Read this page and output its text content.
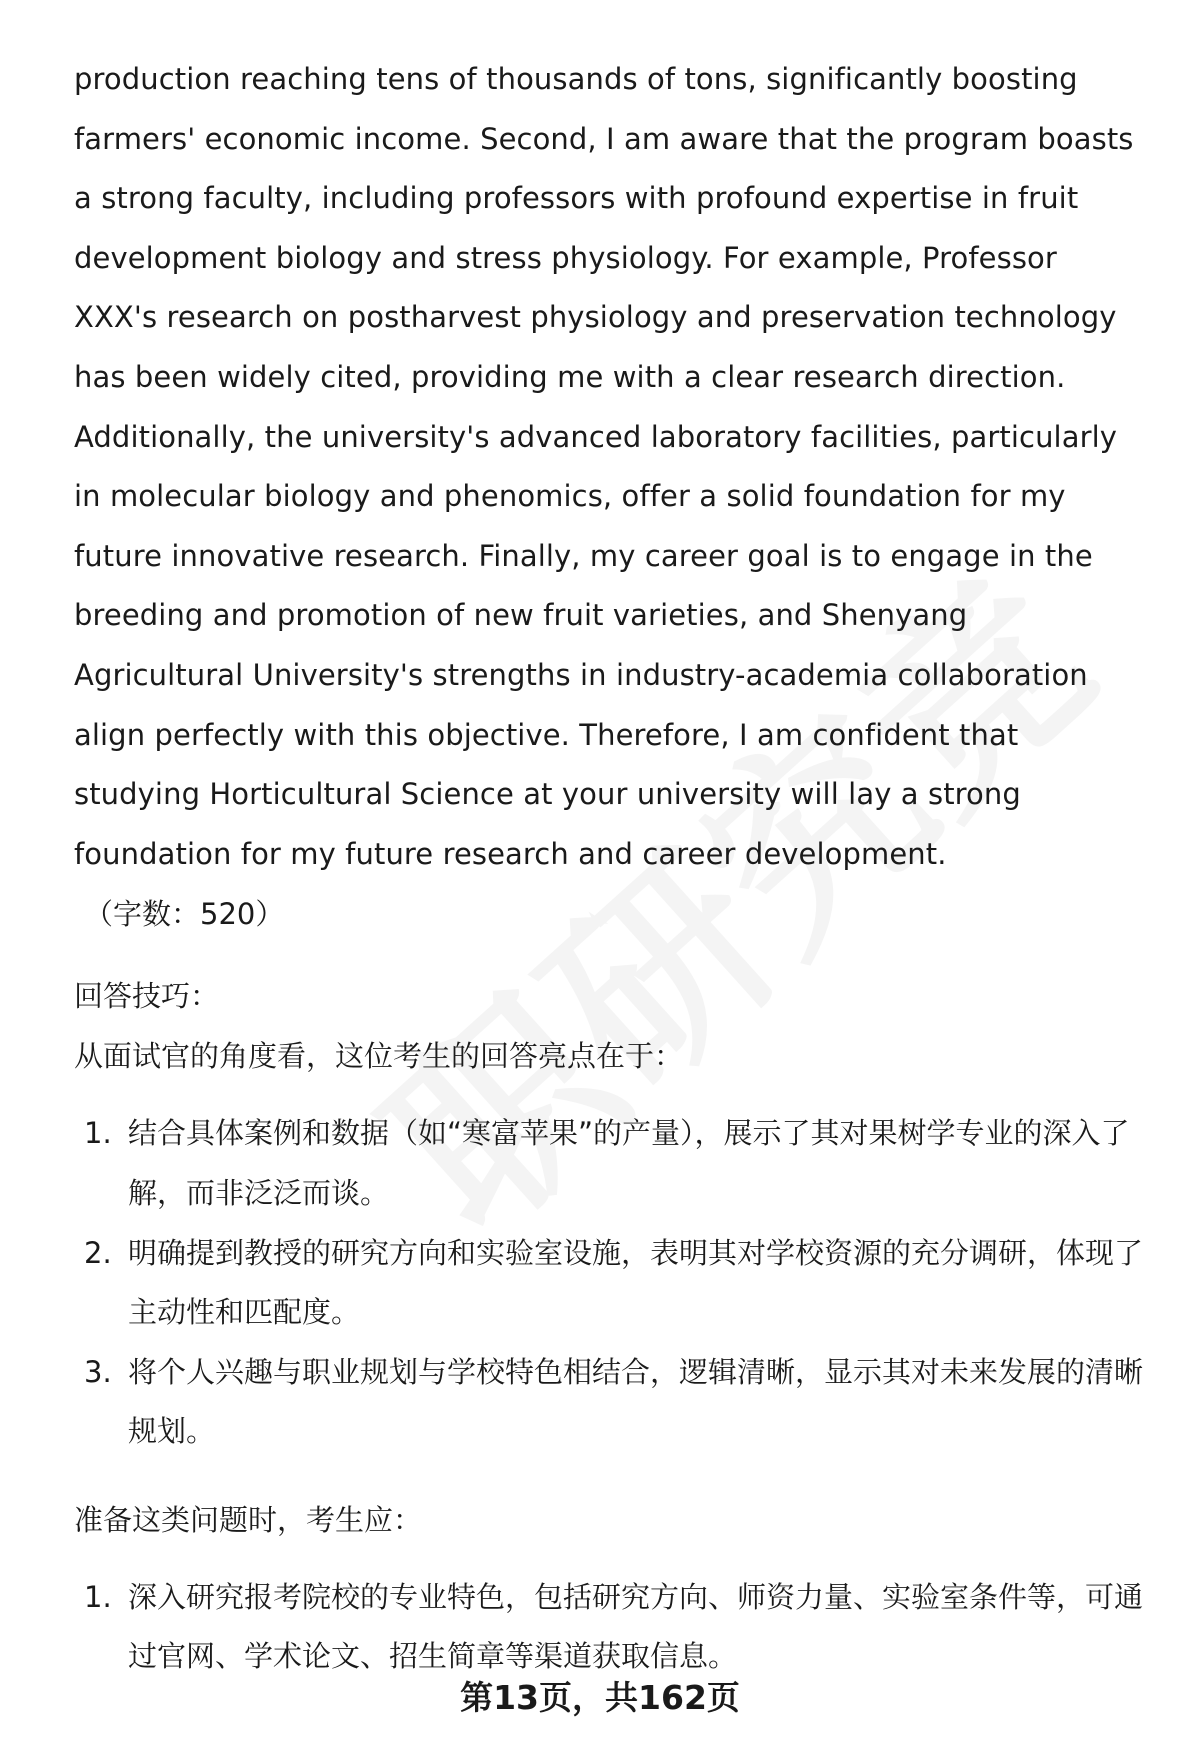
production reaching tens of thousands of tons, significantly boosting farmers' economic income. Second, I am aware that the program boasts a strong faculty, including professors with profound expertise in fruit development biology and stress physiology. For example, Professor XXX's research on postharvest physiology and preservation technology has been widely cited, providing me with a clear research direction. Additionally, the university's advanced laboratory facilities, particularly in molecular biology and phenomics, offer a solid foundation for my future innovative research. Finally, my career goal is to engage in the breeding and promotion of new fruit varieties, and Shenyang Agricultural University's strengths in industry-academia collaboration align perfectly with this objective. Therefore, I am confident that studying Horticultural Science at your university will lay a strong foundation for my future research and career development.

（字数：520）

回答技巧：

从面试官的角度看，这位考生的回答亮点在于：

1. 结合具体案例和数据（如“寒富苹果”的产量），展示了其对果树学专业的深入了解，而非泛泛而谈。
2. 明确提到教授的研究方向和实验室设施，表明其对学校资源的充分调研，体现了主动性和匹配度。
3. 将个人兴趣与职业规划与学校特色相结合，逻辑清晰，显示其对未来发展的清晰规划。

准备这类问题时，考生应：

1. 深入研究报考院校的专业特色，包括研究方向、师资力量、实验室条件等，可通过官网、学术论文、招生简章等渠道获取信息。
第13页，共162页
